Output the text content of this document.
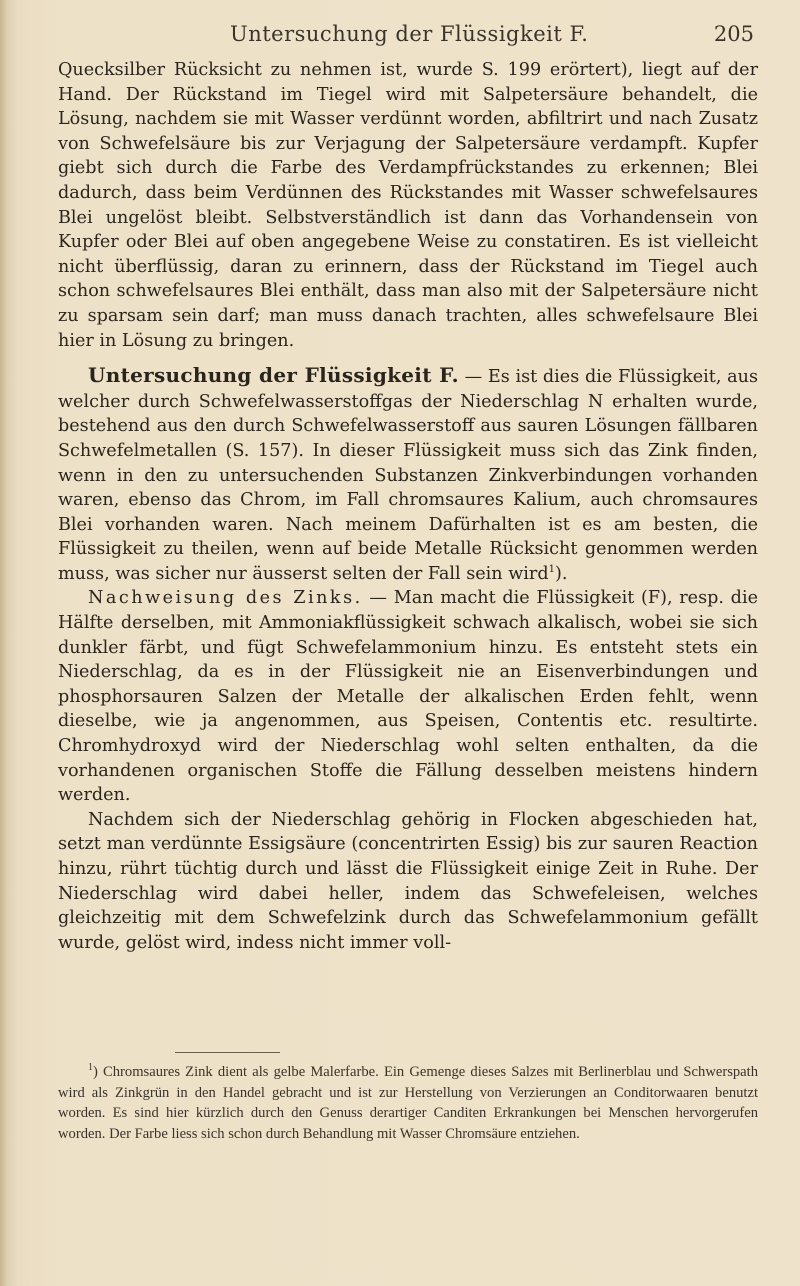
Untersuchung der Flüssigkeit F.	205

Quecksilber Rücksicht zu nehmen ist, wurde S. 199 erörtert), liegt auf der Hand. Der Rückstand im Tiegel wird mit Salpetersäure behandelt, die Lösung, nachdem sie mit Wasser verdünnt worden, abfiltrirt und nach Zusatz von Schwefelsäure bis zur Verjagung der Salpetersäure verdampft. Kupfer giebt sich durch die Farbe des Verdampfrückstandes zu erkennen; Blei dadurch, dass beim Verdünnen des Rückstandes mit Wasser schwefelsaures Blei ungelöst bleibt. Selbstverständlich ist dann das Vorhandensein von Kupfer oder Blei auf oben angegebene Weise zu constatiren. Es ist vielleicht nicht überflüssig, daran zu erinnern, dass der Rückstand im Tiegel auch schon schwefelsaures Blei enthält, dass man also mit der Salpetersäure nicht zu sparsam sein darf; man muss danach trachten, alles schwefelsaure Blei hier in Lösung zu bringen.

Untersuchung der Flüssigkeit F. — Es ist dies die Flüssigkeit, aus welcher durch Schwefelwasserstoffgas der Niederschlag N erhalten wurde, bestehend aus den durch Schwefelwasserstoff aus sauren Lösungen fällbaren Schwefelmetallen (S. 157). In dieser Flüssigkeit muss sich das Zink finden, wenn in den zu untersuchenden Substanzen Zinkverbindungen vorhanden waren, ebenso das Chrom, im Fall chromsaures Kalium, auch chromsaures Blei vorhanden waren. Nach meinem Dafürhalten ist es am besten, die Flüssigkeit zu theilen, wenn auf beide Metalle Rücksicht genommen werden muss, was sicher nur äusserst selten der Fall sein wird$^1$).

Nachweisung des Zinks. — Man macht die Flüssigkeit (F), resp. die Hälfte derselben, mit Ammoniakflüssigkeit schwach alkalisch, wobei sie sich dunkler färbt, und fügt Schwefelammonium hinzu. Es entsteht stets ein Niederschlag, da es in der Flüssigkeit nie an Eisenverbindungen und phosphorsauren Salzen der Metalle der alkalischen Erden fehlt, wenn dieselbe, wie ja angenommen, aus Speisen, Contentis etc. resultirte. Chromhydroxyd wird der Niederschlag wohl selten enthalten, da die vorhandenen organischen Stoffe die Fällung desselben meistens hindern werden.

Nachdem sich der Niederschlag gehörig in Flocken abgeschieden hat, setzt man verdünnte Essigsäure (concentrirten Essig) bis zur sauren Reaction hinzu, rührt tüchtig durch und lässt die Flüssigkeit einige Zeit in Ruhe. Der Niederschlag wird dabei heller, indem das Schwefeleisen, welches gleichzeitig mit dem Schwefelzink durch das Schwefelammonium gefällt wurde, gelöst wird, indess nicht immer voll-

$^1$) Chromsaures Zink dient als gelbe Malerfarbe. Ein Gemenge dieses Salzes mit Berlinerblau und Schwerspath wird als Zinkgrün in den Handel gebracht und ist zur Herstellung von Verzierungen an Conditorwaaren benutzt worden. Es sind hier kürzlich durch den Genuss derartiger Canditen Erkrankungen bei Menschen hervorgerufen worden. Der Farbe liess sich schon durch Behandlung mit Wasser Chromsäure entziehen.
